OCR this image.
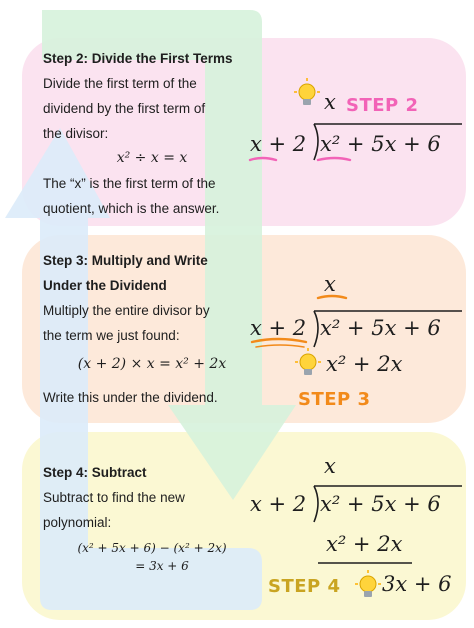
Step 2: Divide the First Terms
Divide the first term of the
dividend by the first term of
the divisor:
x² ÷ x = x
The “x” is the first term of the
quotient, which is the answer.
Step 3: Multiply and Write
Under the Dividend
Multiply the entire divisor by
the term we just found:
(x + 2) × x = x² + 2x
Write this under the dividend.
Step 4: Subtract
Subtract to find the new
polynomial:
(x² + 5x + 6) − (x² + 2x)
= 3x + 6
x
x + 2 x² + 5x + 6
STEP 2
x
x + 2 x² + 5x + 6
x² + 2x
STEP 3
x
x + 2 x² + 5x + 6
x² + 2x
3x + 6
STEP 4
